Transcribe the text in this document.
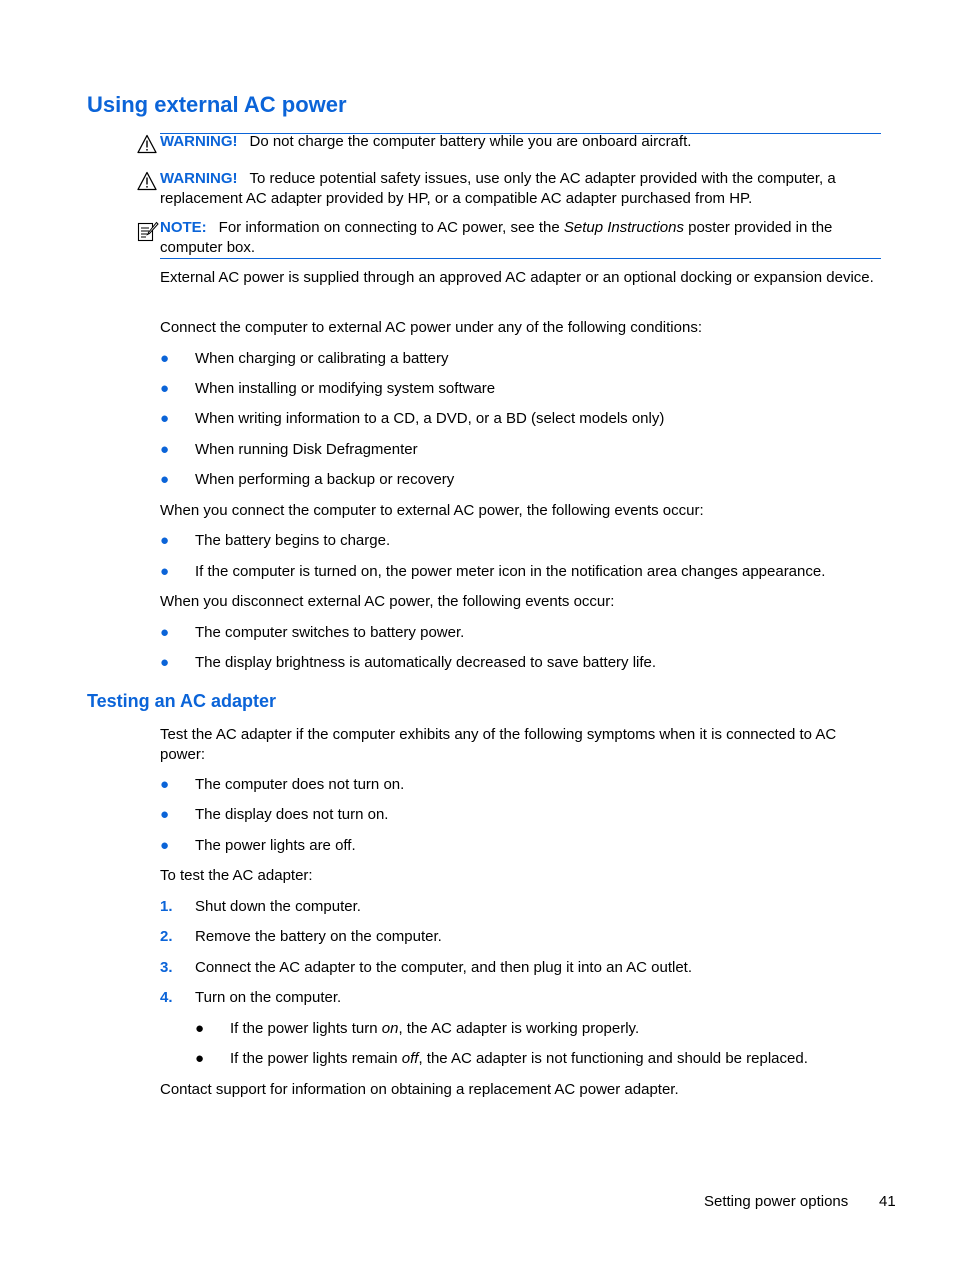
Using external AC power
WARNING! Do not charge the computer battery while you are onboard aircraft.
WARNING! To reduce potential safety issues, use only the AC adapter provided with the computer, a replacement AC adapter provided by HP, or a compatible AC adapter purchased from HP.
NOTE: For information on connecting to AC power, see the Setup Instructions poster provided in the computer box.
External AC power is supplied through an approved AC adapter or an optional docking or expansion device.
Connect the computer to external AC power under any of the following conditions:
● When charging or calibrating a battery
● When installing or modifying system software
● When writing information to a CD, a DVD, or a BD (select models only)
● When running Disk Defragmenter
● When performing a backup or recovery
When you connect the computer to external AC power, the following events occur:
● The battery begins to charge.
● If the computer is turned on, the power meter icon in the notification area changes appearance.
When you disconnect external AC power, the following events occur:
● The computer switches to battery power.
● The display brightness is automatically decreased to save battery life.
Testing an AC adapter
Test the AC adapter if the computer exhibits any of the following symptoms when it is connected to AC power:
● The computer does not turn on.
● The display does not turn on.
● The power lights are off.
To test the AC adapter:
1. Shut down the computer.
2. Remove the battery on the computer.
3. Connect the AC adapter to the computer, and then plug it into an AC outlet.
4. Turn on the computer.
● If the power lights turn on, the AC adapter is working properly.
● If the power lights remain off, the AC adapter is not functioning and should be replaced.
Contact support for information on obtaining a replacement AC power adapter.
Setting power options 41
